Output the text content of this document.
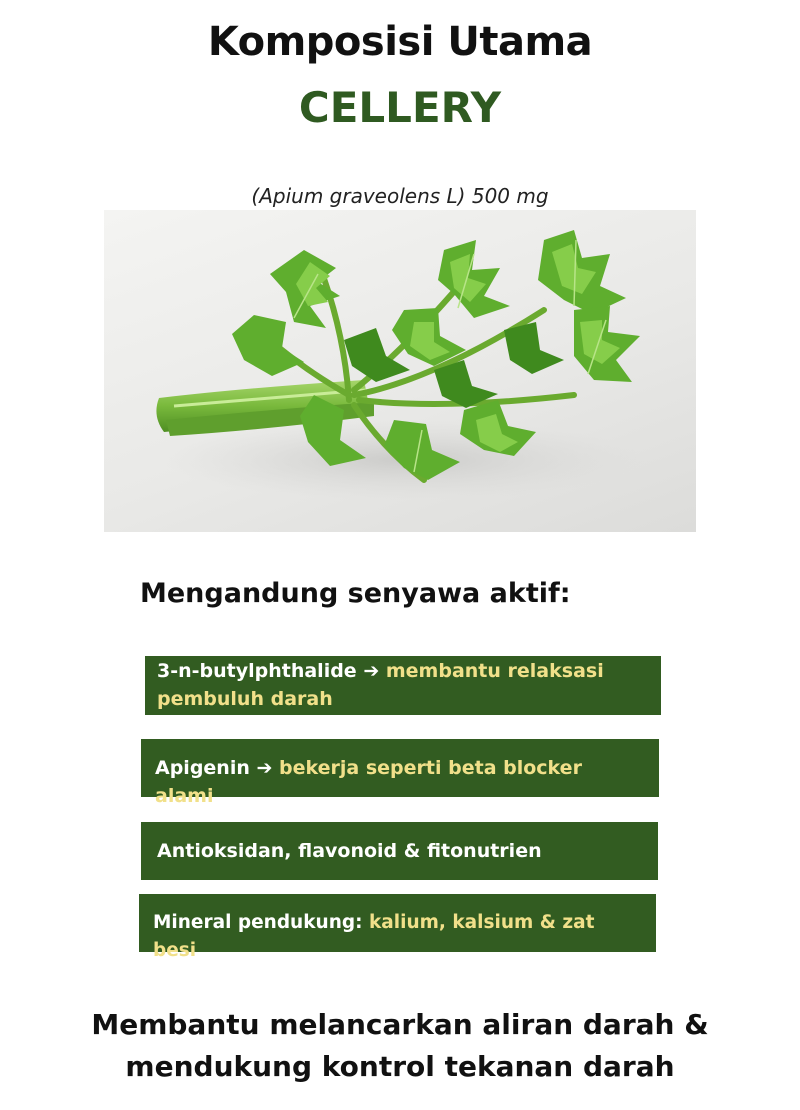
Komposisi Utama
CELLERY
(Apium graveolens L) 500 mg
Mengandung senyawa aktif:
3-n-butylphthalide ➔ membantu relaksasi
pembuluh darah
Apigenin ➔ bekerja seperti beta blocker alami
Antioksidan, flavonoid & fitonutrien
Mineral pendukung: kalium, kalsium & zat besi
Membantu melancarkan aliran darah &
mendukung kontrol tekanan darah
